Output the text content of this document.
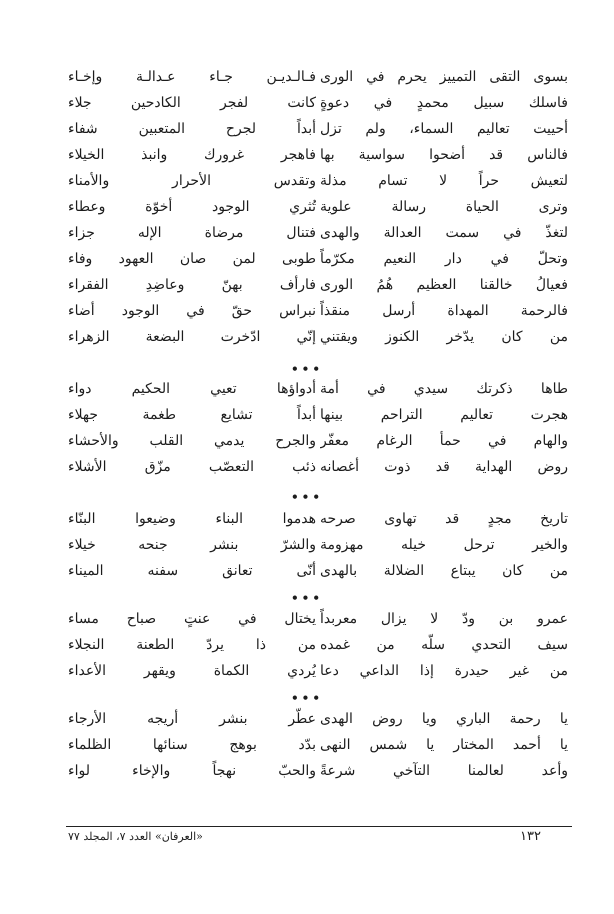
بسوى التقى التمييز يحرم في الورى
فـالـديـن جـاء عـدالـة وإخـاء
فاسلك سبيل محمدٍ في دعوةٍ
كانت لفجر الكادحين جلاء
أحييت تعاليم السماء، ولم تزل
أبداً لجرح المتعبين شفاء
فالناس قد أضحوا سواسية بها
فاهجر غرورك وانبذ الخيلاء
لتعيش حراً لا تسام مذلة
وتقدس الأحرار والأمناء
وترى الحياة رسالة علوية
تُثري الوجود أخوّة وعطاء
لتغذّ في سمت العدالة والهدى
فتنال مرضاة الإله جزاء
وتحلّ في دار النعيم مكرّماً
طوبى لمن صان العهود وفاء
فعيالُ خالقنا العظيم هُمُ الورى
فارأف بهنّ وعاضِدِ الفقراء
فالرحمة المهداة أرسل منقذاً
نبراس حقّ في الوجود أضاء
من كان يدّخر الكنوز ويقتني
إنّي ادّخرت البضعة الزهراء
•••
طاها ذكرتك سيدي في أمة
أدواؤها تعيي الحكيم دواء
هجرت تعاليم التراحم بينها
أبداً تشايع طغمة جهلاء
والهام في حمأ الرغام معفّر
والجرح يدمي القلب والأحشاء
روض الهداية قد ذوت أغصانه
ذئب التعصّب مزّق الأشلاء
•••
تاريخ مجدٍ قد تهاوى صرحه
هدموا البناء وضيعوا البنّاء
والخير ترحل خيله مهزومة
والشرّ بنشر جنحه خيلاء
من كان يبتاع الضلالة بالهدى
أنّى تعانق سفنه الميناء
•••
عمرو بن ودّ لا يزال معربداً
يختال في عنتٍ صباح مساء
سيف التحدي سلّه من غمده
من ذا يردّ الطعنة النجلاء
من غير حيدرة إذا الداعي دعا
يُردي الكماة ويقهر الأعداء
•••
يا رحمة الباري ويا روض الهدى
عطّر بنشر أريجه الأرجاء
يا أحمد المختار يا شمس النهى
بدّد بوهج سنائها الظلماء
وأعد لعالمنا التآخي شرعةً
والحبّ نهجاً والإخاء لواء
١٣٢
«العرفان» العدد ٧، المجلد ٧٧
